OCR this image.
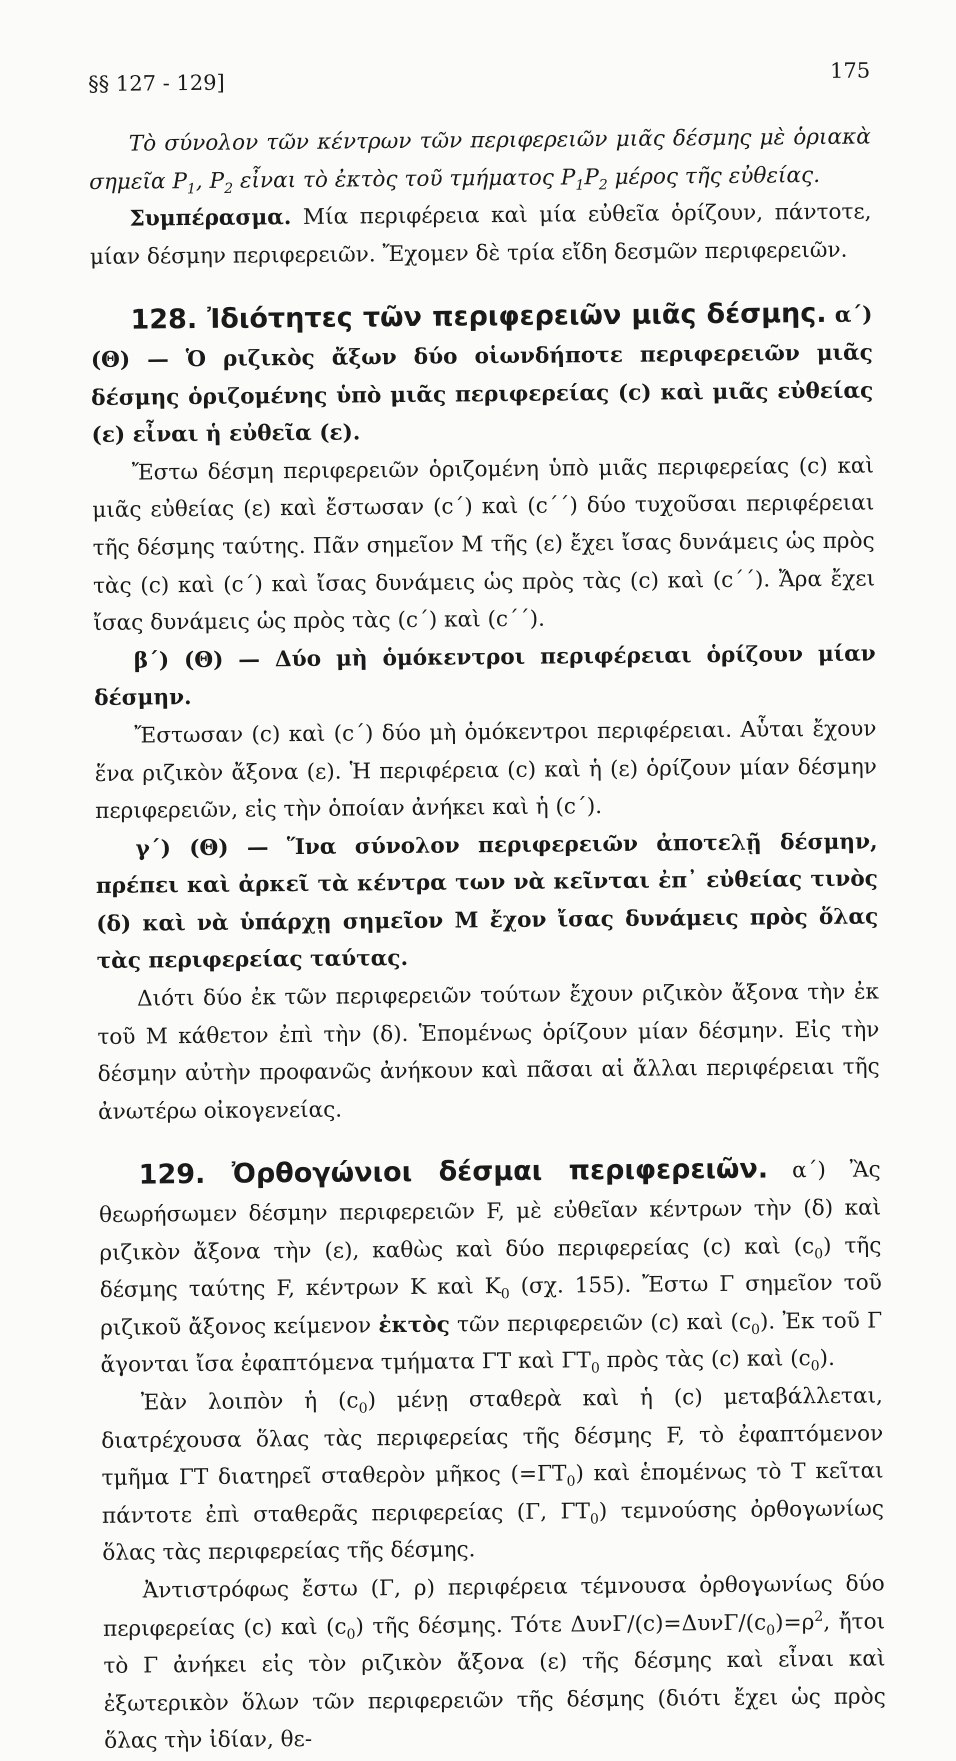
§§ 127 - 129]
175

Τὸ σύνολον τῶν κέντρων τῶν περιφερειῶν μιᾶς δέσμης μὲ ὁριακὰ σημεῖα $P_1$, $P_2$ εἶναι τὸ ἐκτὸς τοῦ τμήματος $P_1P_2$ μέρος τῆς εὐθείας.

Συμπέρασμα. Μία περιφέρεια καὶ μία εὐθεῖα ὁρίζουν, πάντοτε, μίαν δέσμην περιφερειῶν. Ἔχομεν δὲ τρία εἴδη δεσμῶν περιφερειῶν.

128. Ἰδιότητες τῶν περιφερειῶν μιᾶς δέσμης. α΄) (Θ) — Ὁ ριζικὸς ἄξων δύο οἱωνδήποτε περιφερειῶν μιᾶς δέσμης ὁριζομένης ὑπὸ μιᾶς περιφερείας (c) καὶ μιᾶς εὐθείας (ε) εἶναι ἡ εὐθεῖα (ε).

Ἔστω δέσμη περιφερειῶν ὁριζομένη ὑπὸ μιᾶς περιφερείας (c) καὶ μιᾶς εὐθείας (ε) καὶ ἔστωσαν (c΄) καὶ (c΄΄) δύο τυχοῦσαι περιφέρειαι τῆς δέσμης ταύτης. Πᾶν σημεῖον M τῆς (ε) ἔχει ἴσας δυνάμεις ὡς πρὸς τὰς (c) καὶ (c΄) καὶ ἴσας δυνάμεις ὡς πρὸς τὰς (c) καὶ (c΄΄). Ἄρα ἔχει ἴσας δυνάμεις ὡς πρὸς τὰς (c΄) καὶ (c΄΄).

β΄) (Θ) — Δύο μὴ ὁμόκεντροι περιφέρειαι ὁρίζουν μίαν δέσμην.

Ἔστωσαν (c) καὶ (c΄) δύο μὴ ὁμόκεντροι περιφέρειαι. Αὗται ἔχουν ἕνα ριζικὸν ἄξονα (ε). Ἡ περιφέρεια (c) καὶ ἡ (ε) ὁρίζουν μίαν δέσμην περιφερειῶν, εἰς τὴν ὁποίαν ἀνήκει καὶ ἡ (c΄).

γ΄) (Θ) — Ἵνα σύνολον περιφερειῶν ἀποτελῇ δέσμην, πρέπει καὶ ἀρκεῖ τὰ κέντρα των νὰ κεῖνται ἐπ᾿ εὐθείας τινὸς (δ) καὶ νὰ ὑπάρχῃ σημεῖον M ἔχον ἴσας δυνάμεις πρὸς ὅλας τὰς περιφερείας ταύτας.

Διότι δύο ἐκ τῶν περιφερειῶν τούτων ἔχουν ριζικὸν ἄξονα τὴν ἐκ τοῦ M κάθετον ἐπὶ τὴν (δ). Ἑπομένως ὁρίζουν μίαν δέσμην. Εἰς τὴν δέσμην αὐτὴν προφανῶς ἀνήκουν καὶ πᾶσαι αἱ ἄλλαι περιφέρειαι τῆς ἀνωτέρω οἰκογενείας.

129. Ὀρθογώνιοι δέσμαι περιφερειῶν. α΄) Ἂς θεωρήσωμεν δέσμην περιφερειῶν F, μὲ εὐθεῖαν κέντρων τὴν (δ) καὶ ριζικὸν ἄξονα τὴν (ε), καθὼς καὶ δύο περιφερείας (c) καὶ $(c_0)$ τῆς δέσμης ταύτης F, κέντρων K καὶ $K_0$ (σχ. 155). Ἔστω Γ σημεῖον τοῦ ριζικοῦ ἄξονος κείμενον ἐκτὸς τῶν περιφερειῶν (c) καὶ $(c_0)$. Ἐκ τοῦ Γ ἄγονται ἴσα ἐφαπτόμενα τμήματα ΓT καὶ $\Gamma T_0$ πρὸς τὰς (c) καὶ $(c_0)$.

Ἐὰν λοιπὸν ἡ $(c_0)$ μένῃ σταθερὰ καὶ ἡ (c) μεταβάλλεται, διατρέχουσα ὅλας τὰς περιφερείας τῆς δέσμης F, τὸ ἐφαπτόμενον τμῆμα ΓT διατηρεῖ σταθερὸν μῆκος $(=\Gamma T_0)$ καὶ ἑπομένως τὸ T κεῖται πάντοτε ἐπὶ σταθερᾶς περιφερείας (Γ, $\Gamma T_0$) τεμνούσης ὀρθογωνίως ὅλας τὰς περιφερείας τῆς δέσμης.

Ἀντιστρόφως ἔστω (Γ, ρ) περιφέρεια τέμνουσα ὀρθογωνίως δύο περιφερείας (c) καὶ $(c_0)$ τῆς δέσμης. Τότε ΔυνΓ/$(c)=\Delta\upsilon\nu\Gamma/(c_0)=\rho^2$, ἤτοι τὸ Γ ἀνήκει εἰς τὸν ριζικὸν ἄξονα (ε) τῆς δέσμης καὶ εἶναι καὶ ἐξωτερικὸν ὅλων τῶν περιφερειῶν τῆς δέσμης (διότι ἔχει ὡς πρὸς ὅλας τὴν ἰδίαν, θε-
